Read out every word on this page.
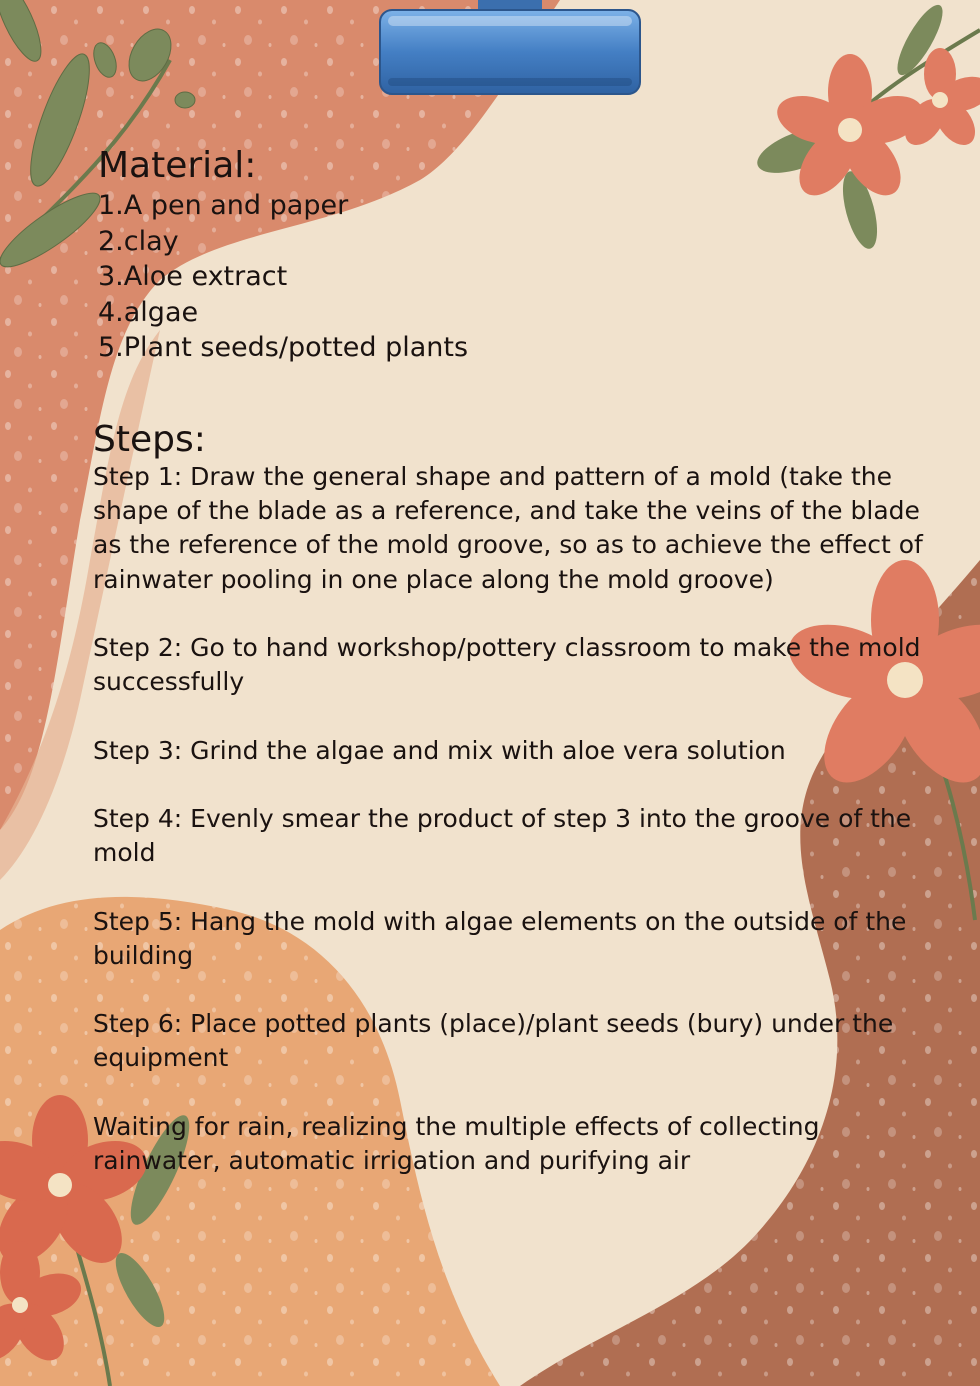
Material:
1.A pen and paper
2.clay
3.Aloe extract
4.algae
5.Plant seeds/potted plants
Steps:

Step 1: Draw the general shape and pattern of a mold (take the shape of the blade as a reference, and take the veins of the blade as the reference of the mold groove, so as to achieve the effect of rainwater pooling in one place along the mold groove)

Step 2: Go to hand workshop/pottery classroom to make the mold successfully

Step 3: Grind the algae and mix with aloe vera solution

Step 4: Evenly smear the product of step 3 into the groove of the mold

Step 5: Hang the mold with algae elements on the outside of the building

Step 6: Place potted plants (place)/plant seeds (bury) under the equipment

Waiting for rain, realizing the multiple effects of collecting rainwater, automatic irrigation and purifying air
